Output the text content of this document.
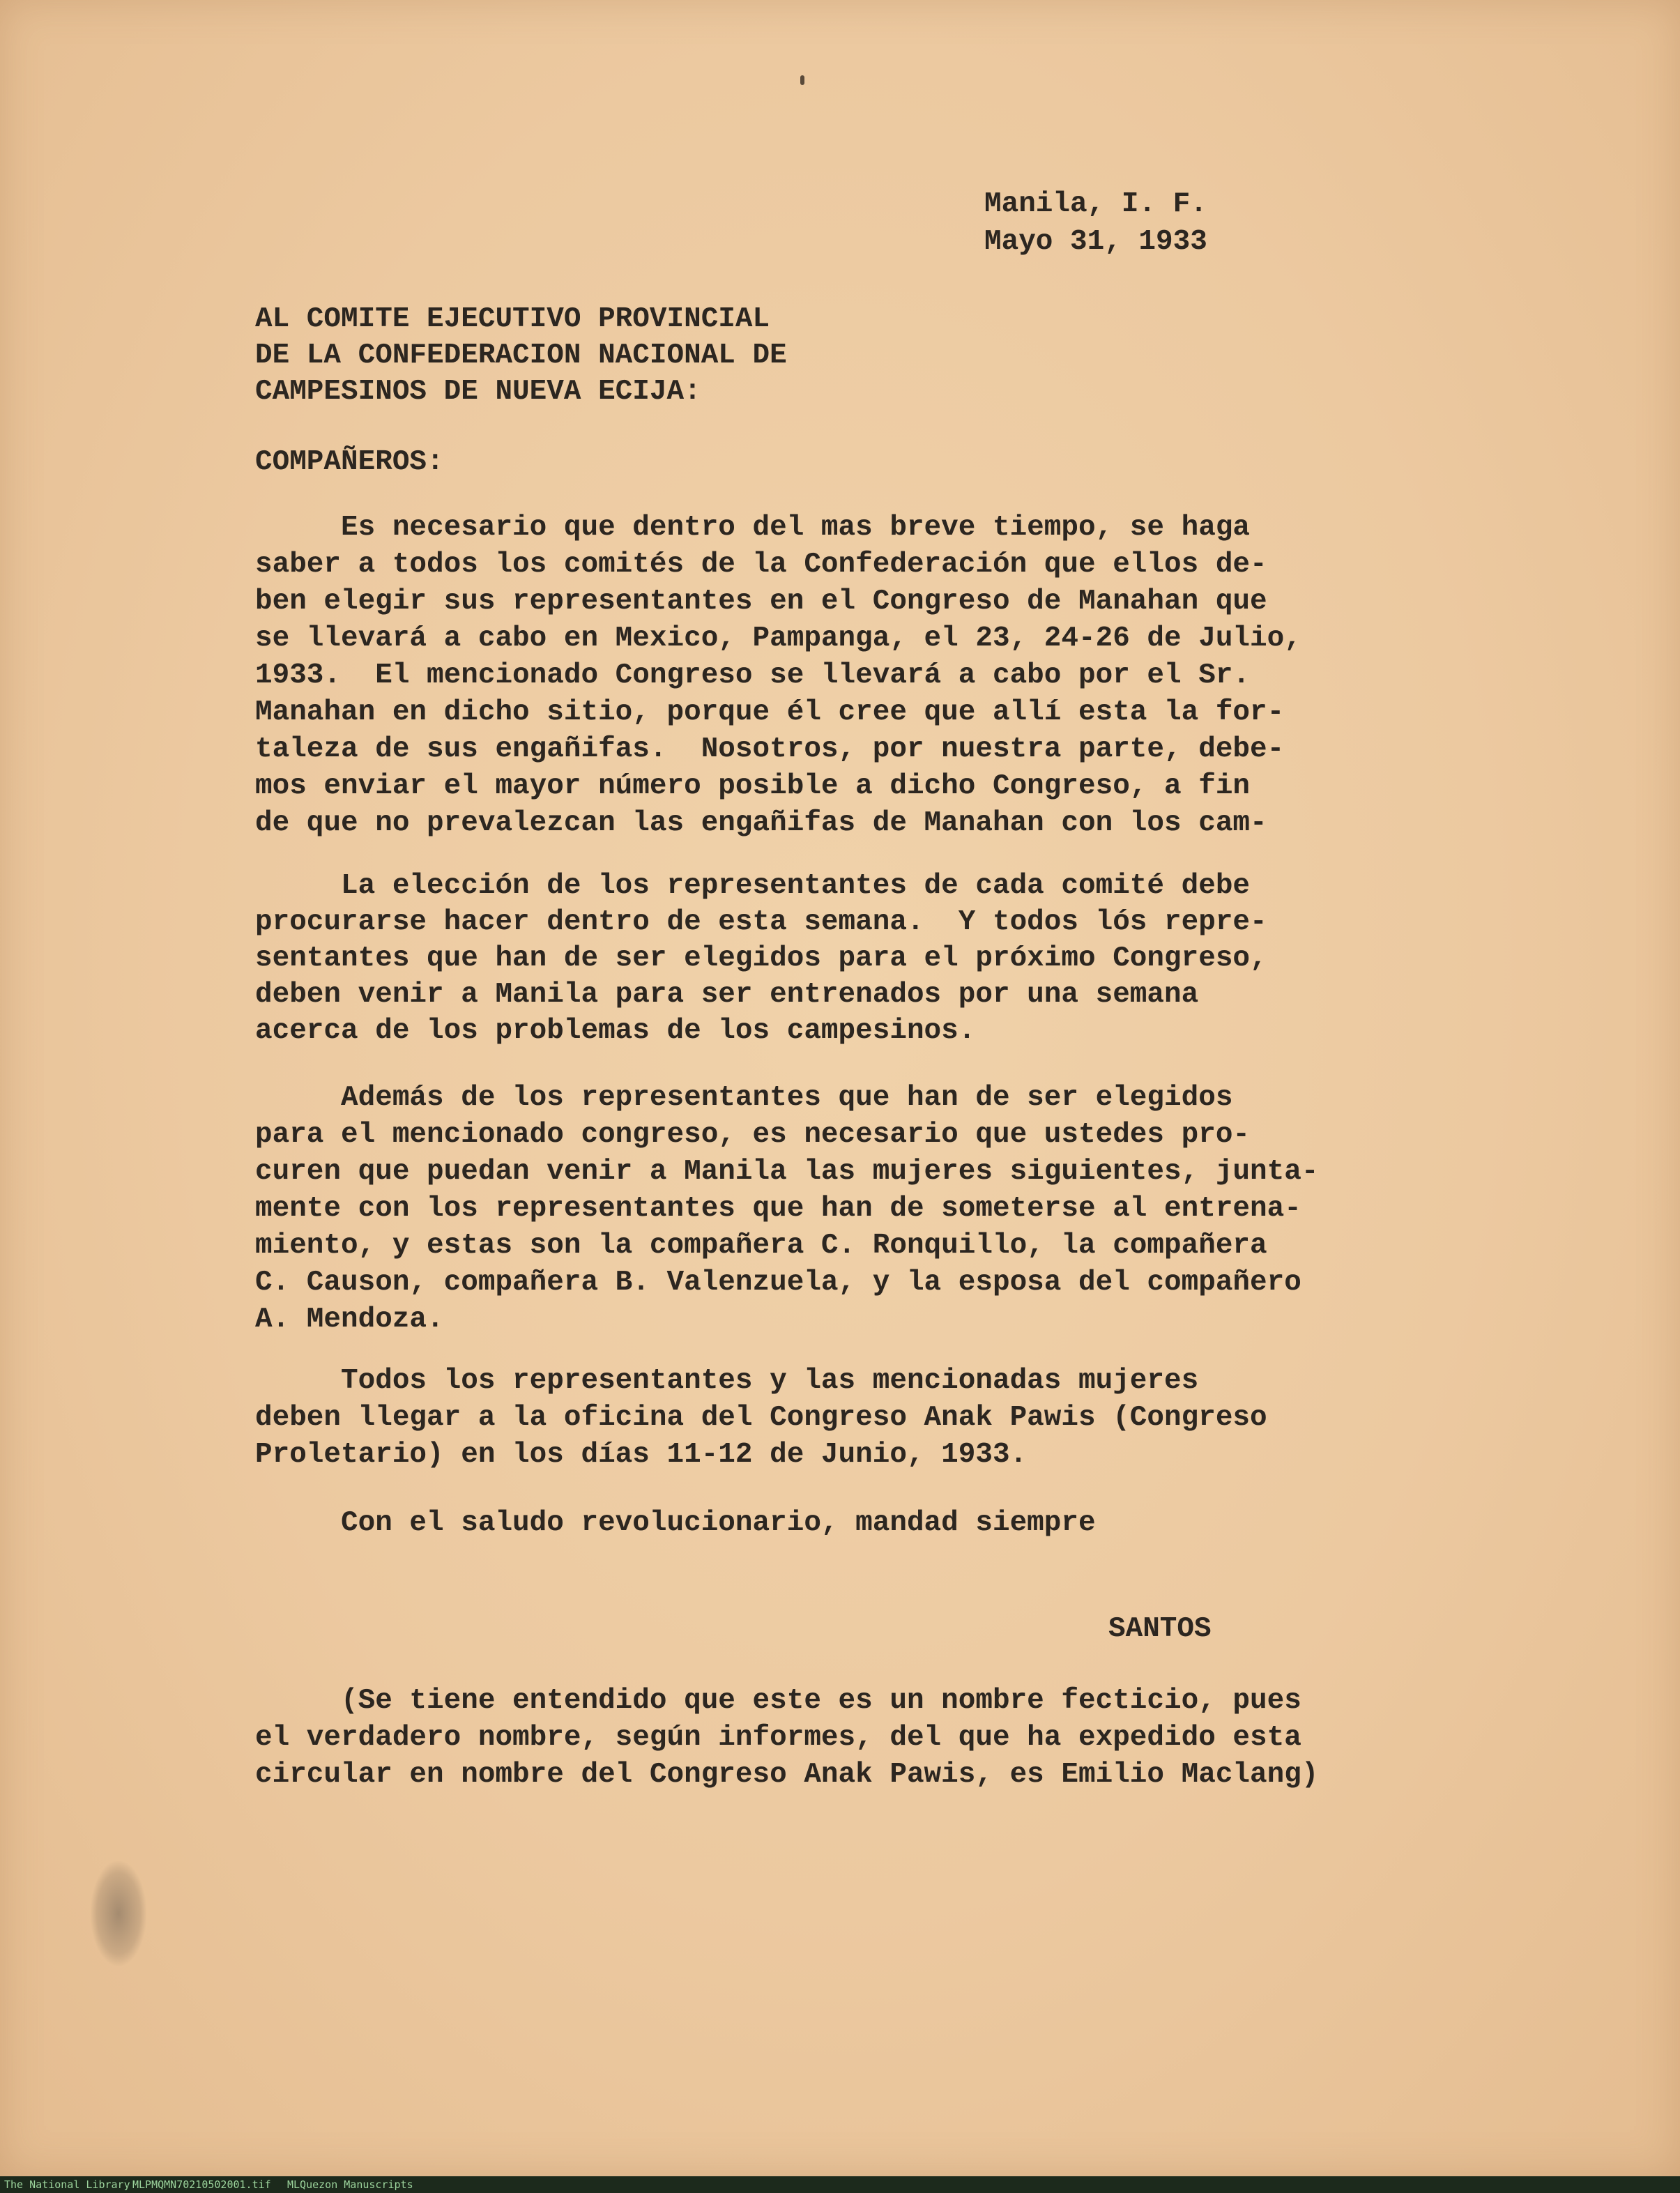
Manila, I. F.
Mayo 31, 1933
AL COMITE EJECUTIVO PROVINCIAL
DE LA CONFEDERACION NACIONAL DE
CAMPESINOS DE NUEVA ECIJA:
COMPAÑEROS:
Es necesario que dentro del mas breve tiempo, se haga
saber a todos los comités de la Confederación que ellos de-
ben elegir sus representantes en el Congreso de Manahan que
se llevará a cabo en Mexico, Pampanga, el 23, 24-26 de Julio,
1933.  El mencionado Congreso se llevará a cabo por el Sr.
Manahan en dicho sitio, porque él cree que allí esta la for-
taleza de sus engañifas.  Nosotros, por nuestra parte, debe-
mos enviar el mayor número posible a dicho Congreso, a fin
de que no prevalezcan las engañifas de Manahan con los cam-
La elección de los representantes de cada comité debe
procurarse hacer dentro de esta semana.  Y todos lós repre-
sentantes que han de ser elegidos para el próximo Congreso,
deben venir a Manila para ser entrenados por una semana
acerca de los problemas de los campesinos.
Además de los representantes que han de ser elegidos
para el mencionado congreso, es necesario que ustedes pro-
curen que puedan venir a Manila las mujeres siguientes, junta-
mente con los representantes que han de someterse al entrena-
miento, y estas son la compañera C. Ronquillo, la compañera
C. Causon, compañera B. Valenzuela, y la esposa del compañero
A. Mendoza.
Todos los representantes y las mencionadas mujeres
deben llegar a la oficina del Congreso Anak Pawis (Congreso
Proletario) en los días 11-12 de Junio, 1933.
Con el saludo revolucionario, mandad siempre
SANTOS
(Se tiene entendido que este es un nombre fecticio, pues
el verdadero nombre, según informes, del que ha expedido esta
circular en nombre del Congreso Anak Pawis, es Emilio Maclang)
The National Library MLPMQMN70210502001.tif MLQuezon Manuscripts
